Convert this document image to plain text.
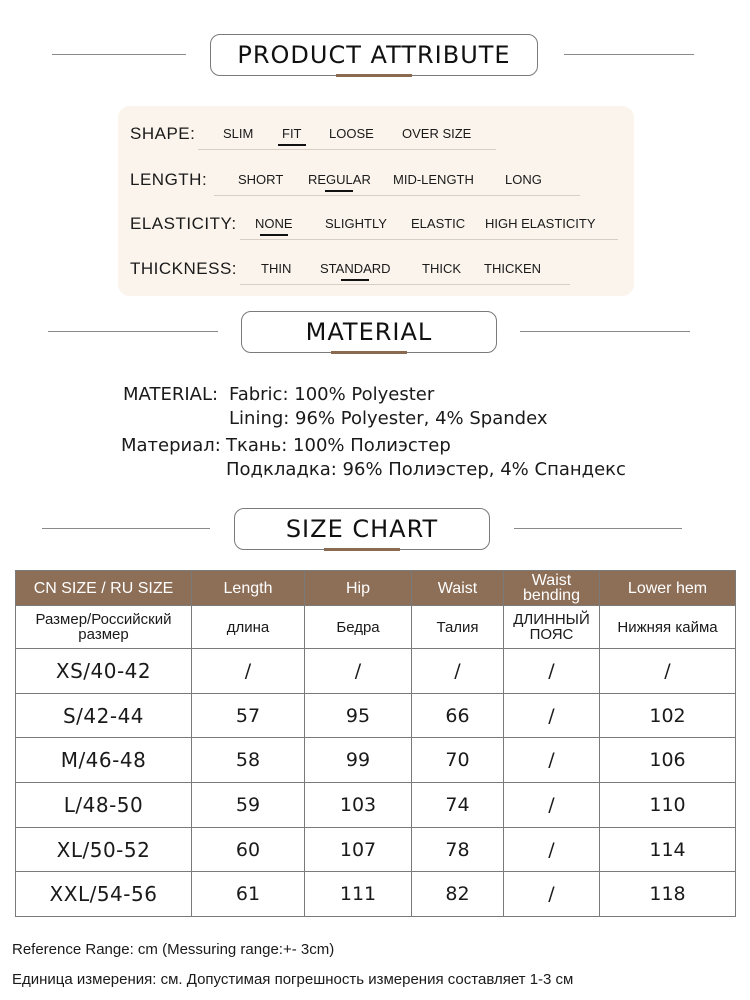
PRODUCT ATTRIBUTE
SHAPE: SLIM FIT LOOSE OVER SIZE
LENGTH: SHORT REGULAR MID-LENGTH LONG
ELASTICITY: NONE SLIGHTLY ELASTIC HIGH ELASTICITY
THICKNESS: THIN STANDARD THICK THICKEN
MATERIAL
MATERIAL: Fabric: 100% Polyester
Lining: 96% Polyester, 4% Spandex
Материал: Ткань: 100% Полиэстер
Подкладка: 96% Полиэстер, 4% Спандекс
SIZE CHART
CN SIZE / RU SIZE	Length	Hip	Waist	Waist bending	Lower hem
Размер/Российский размер	длина	Бедра	Талия	ДЛИННЫЙ ПОЯС	Нижняя кайма
XS/40-42	/	/	/	/	/
S/42-44	57	95	66	/	102
M/46-48	58	99	70	/	106
L/48-50	59	103	74	/	110
XL/50-52	60	107	78	/	114
XXL/54-56	61	111	82	/	118
Reference Range: cm (Messuring range:+- 3cm)
Единица измерения: см. Допустимая погрешность измерения составляет 1-3 см
